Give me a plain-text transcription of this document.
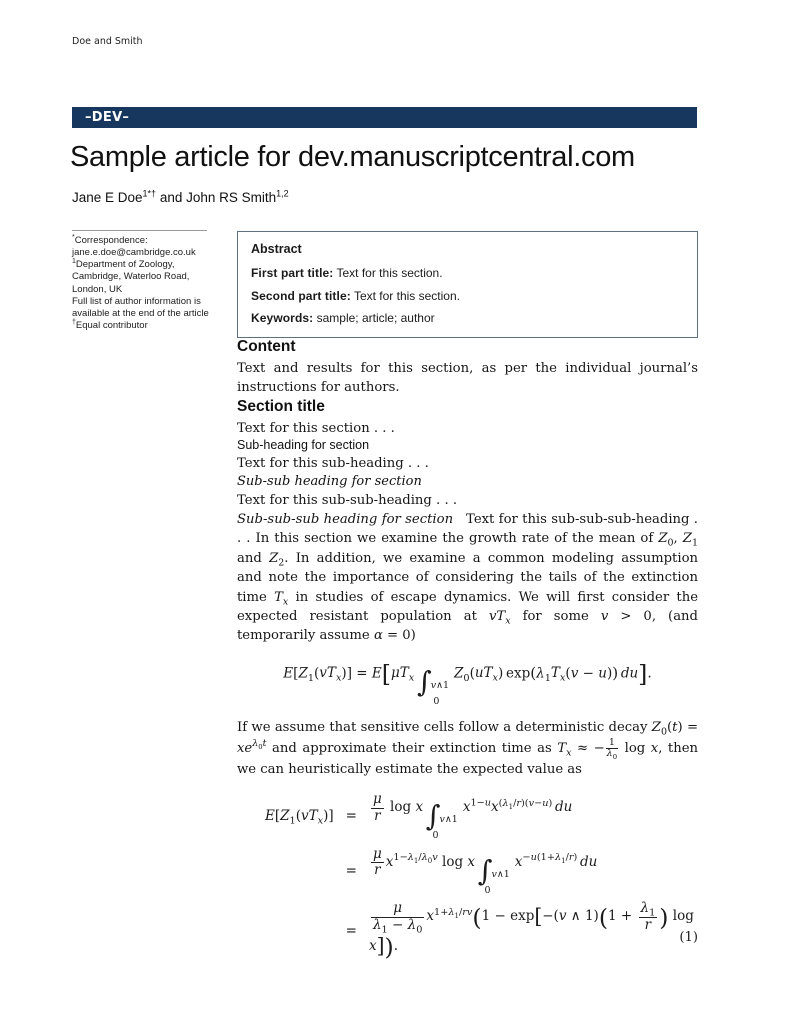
Doe and Smith
–DEV–
Sample article for dev.manuscriptcentral.com
Jane E Doe$^{1*\dagger}$ and John RS Smith$^{1,2}$

*Correspondence: jane.e.doe@cambridge.co.uk

$^1$Department of Zoology, Cambridge, Waterloo Road, London, UK

Full list of author information is available at the end of the article

†Equal contributor

Abstract

First part title: Text for this section.

Second part title: Text for this section.

Keywords: sample; article; author

Content

Text and results for this section, as per the individual journal’s instructions for authors.

Section title

Text for this section . . .

Sub-heading for section

Text for this sub-heading . . .

Sub-sub heading for section

Text for this sub-sub-heading . . .

Sub-sub-sub heading for section   Text for this sub-sub-sub-heading . . . In this section we examine the growth rate of the mean of $Z_0$, $Z_1$ and $Z_2$. In addition, we examine a common modeling assumption and note the importance of considering the tails of the extinction time $T_x$ in studies of escape dynamics. We will first consider the expected resistant population at $vT_x$ for some v > 0, (and temporarily assume α = 0)

$E[Z_1(vT_x)] = E[\mu T_x$ ∫ v∧1
0
$Z_0(uT_x) \exp(\lambda_1T_x(v - u))$  du].

If we assume that sensitive cells follow a deterministic decay $Z_0(t) = xe^{\lambda_0t}$ and approximate their extinction time as $T_x$ ≈ − $\frac{1}{\lambda_0}$ log x, then we can heuristically estimate the expected value as

$E[Z_1(vT_x)]$ =	$\frac{\mu}{r}$ log x ∫ v∧1
0
$x^{1-u}x^{(\lambda_1/r)(v-u)}$  du
=	$\frac{\mu}{r} x^{1-\lambda_1/\lambda_0v}$ log x ∫ v∧1
0
$x^{-u(1+\lambda_1/r)}$  du
=	$\frac{\mu}{\lambda_1 - \lambda_0} x^{1+\lambda_1/rv}(1 - \exp[-(v$ ∧ $1)(1 + \frac{\lambda_1}{r}$ ) log x]).
(1)
